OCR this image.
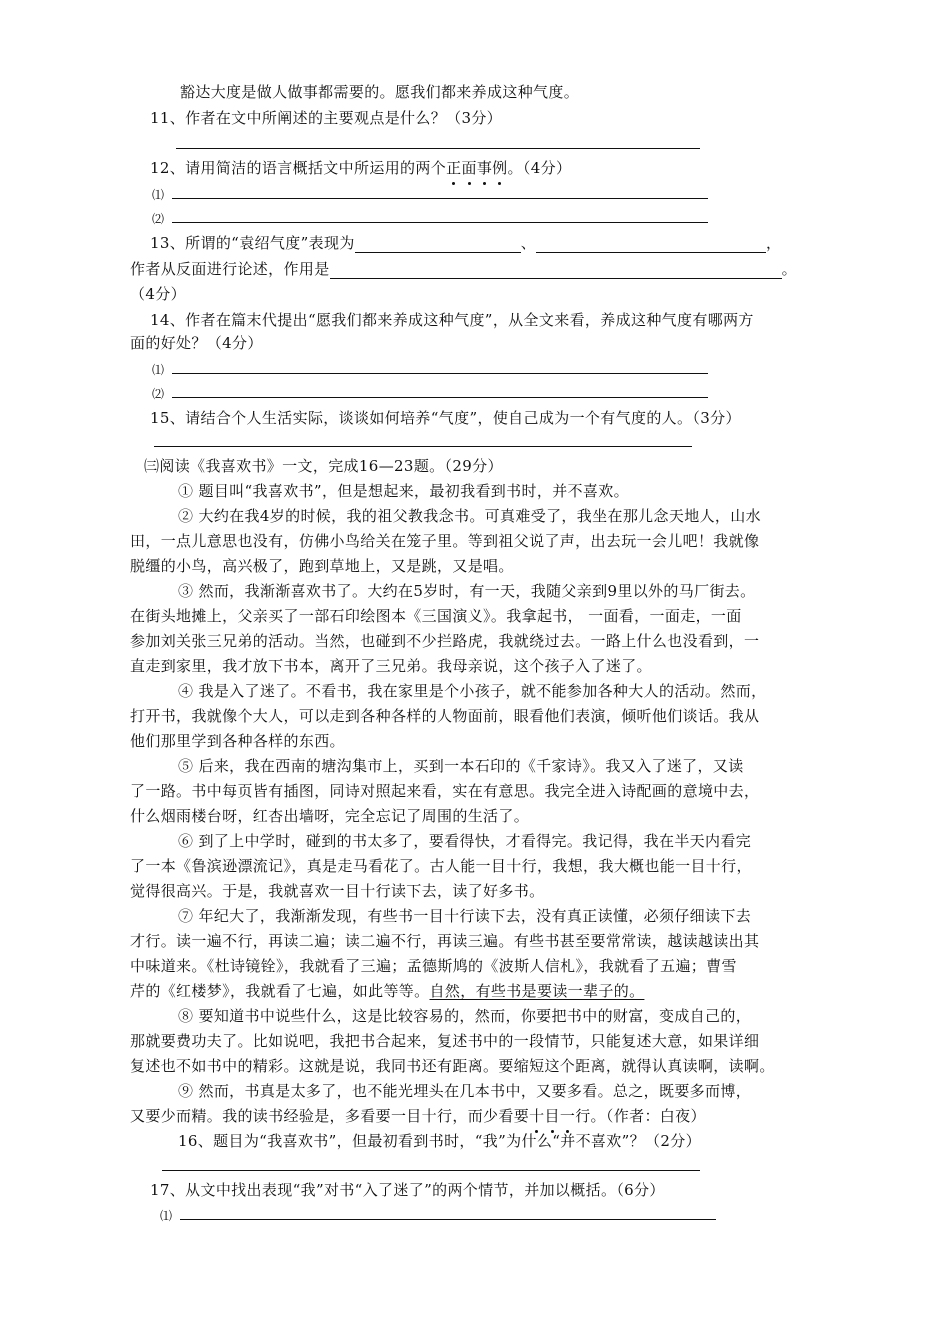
豁达大度是做人做事都需要的。愿我们都来养成这种气度。
11、作者在文中所阐述的主要观点是什么？（3分）
12、请用简洁的语言概括文中所运用的两个正
面
事
例
。（4分）
⑴
⑵
13、所谓的“袁绍气度”表现为	、	，
作者从反面进行论述，作用是	。
（4分）
14、作者在篇末代提出“愿我们都来养成这种气度”，从全文来看，养成这种气度有哪两方
面的好处？（4分）
⑴
⑵
15、请结合个人生活实际，谈谈如何培养“气度”，使自己成为一个有气度的人。（3分）
㈢阅读《我喜欢书》一文，完成16—23题。（29分）
① 题目叫“我喜欢书”，但是想起来，最初我看到书时，并不喜欢。
② 大约在我4岁的时候，我的祖父教我念书。可真难受了，我坐在那儿念天地人，山水
田，一点儿意思也没有，仿佛小鸟给关在笼子里。等到祖父说了声，出去玩一会儿吧！我就像
脱缰的小鸟，高兴极了，跑到草地上，又是跳，又是唱。
③ 然而，我渐渐喜欢书了。大约在5岁时，有一天，我随父亲到9里以外的马厂街去。
在街头地摊上，父亲买了一部石印绘图本《三国演义》。我拿起书， 一面看，一面走，一面
参加刘关张三兄弟的活动。当然，也碰到不少拦路虎，我就绕过去。一路上什么也没看到，一
直走到家里，我才放下书本，离开了三兄弟。我母亲说，这个孩子入了迷了。
④ 我是入了迷了。不看书，我在家里是个小孩子，就不能参加各种大人的活动。然而，
打开书，我就像个大人，可以走到各种各样的人物面前，眼看他们表演，倾听他们谈话。我从
他们那里学到各种各样的东西。
⑤ 后来，我在西南的塘沟集市上，买到一本石印的《千家诗》。我又入了迷了，又读
了一路。书中每页皆有插图，同诗对照起来看，实在有意思。我完全进入诗配画的意境中去，
什么烟雨楼台呀，红杏出墙呀，完全忘记了周围的生活了。
⑥ 到了上中学时，碰到的书太多了，要看得快，才看得完。我记得，我在半天内看完
了一本《鲁滨逊漂流记》，真是走马看花了。古人能一目十行，我想，我大概也能一目十行，
觉得很高兴。于是，我就喜欢一目十行读下去，读了好多书。
⑦ 年纪大了，我渐渐发现，有些书一目十行读下去，没有真正读懂，必须仔细读下去
才行。读一遍不行，再读二遍；读二遍不行，再读三遍。有些书甚至要常常读，越读越读出其
中味道来。《杜诗镜铨》，我就看了三遍；孟德斯鸠的《波斯人信札》，我就看了五遍；曹雪
芹的《红楼梦》，我就看了七遍，如此等等。自然，有些书是要读一辈子的。
⑧ 要知道书中说些什么，这是比较容易的，然而，你要把书中的财富，变成自己的，
那就要费功夫了。比如说吧，我把书合起来，复述书中的一段情节，只能复述大意，如果详细
复述也不如书中的精彩。这就是说，我同书还有距离。要缩短这个距离，就得认真读啊，读啊。
⑨ 然而，书真是太多了，也不能光埋头在几本书中，又要多看。总之，既要多而博，
又要少而精。我的读书经验是，多看要一目十行，而少看要十
目
一
行。（作者：白夜）
16、题目为“我喜欢书”，但最初看到书时，“我”为什么“并不喜欢”？（2分）
17、从文中找出表现“我”对书“入了迷了”的两个情节，并加以概括。（6分）
⑴
